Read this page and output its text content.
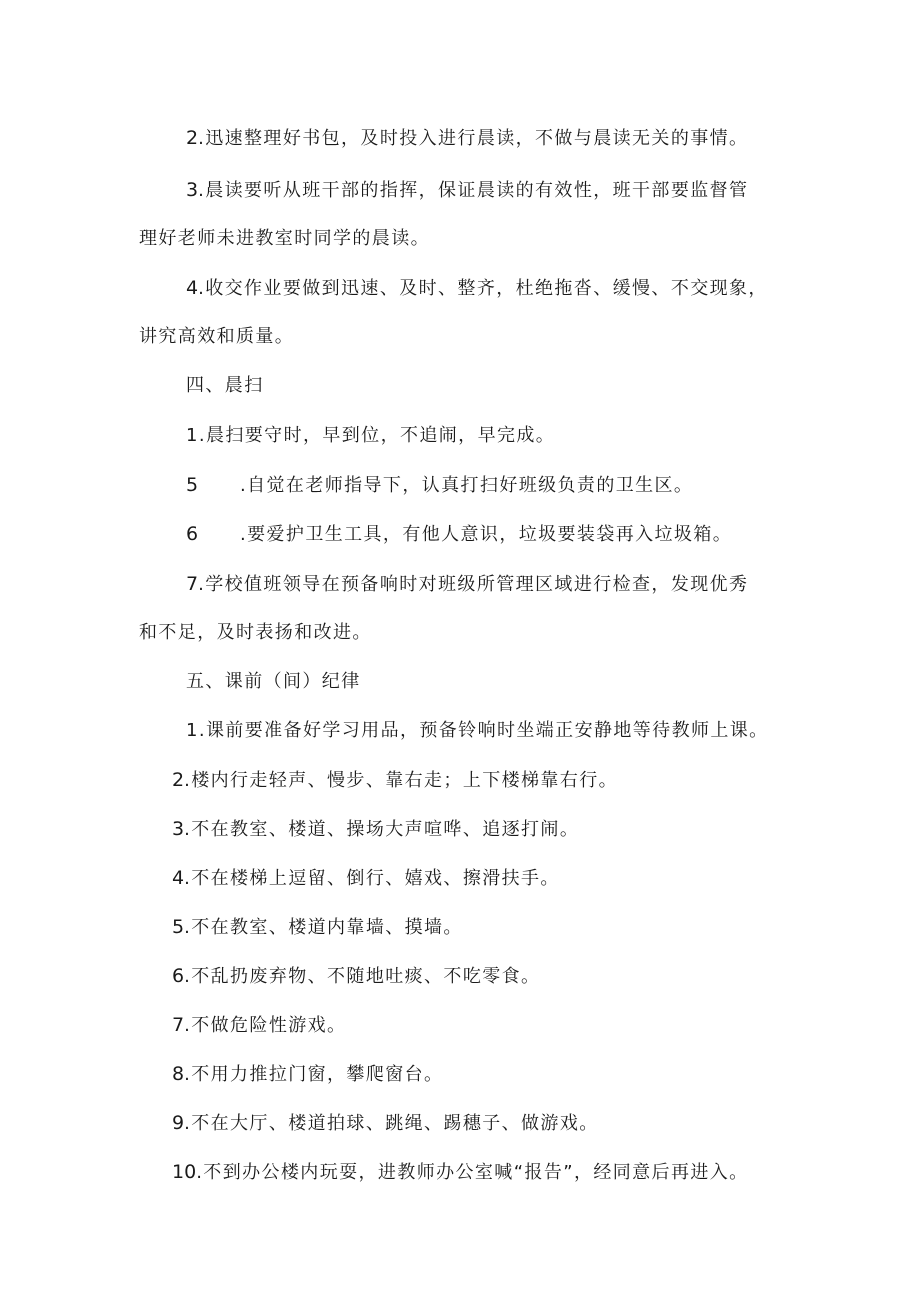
2.迅速整理好书包，及时投入进行晨读，不做与晨读无关的事情。
3.晨读要听从班干部的指挥，保证晨读的有效性，班干部要监督管
理好老师未进教室时同学的晨读。
4.收交作业要做到迅速、及时、整齐，杜绝拖沓、缓慢、不交现象，
讲究高效和质量。
四、晨扫
1.晨扫要守时，早到位，不追闹，早完成。
5 .自觉在老师指导下，认真打扫好班级负责的卫生区。
6 .要爱护卫生工具，有他人意识，垃圾要装袋再入垃圾箱。
7.学校值班领导在预备响时对班级所管理区域进行检查，发现优秀
和不足，及时表扬和改进。
五、课前（间）纪律
1.课前要准备好学习用品，预备铃响时坐端正安静地等待教师上课。
2.楼内行走轻声、慢步、靠右走；上下楼梯靠右行。
3.不在教室、楼道、操场大声喧哗、追逐打闹。
4.不在楼梯上逗留、倒行、嬉戏、擦滑扶手。
5.不在教室、楼道内靠墙、摸墙。
6.不乱扔废弃物、不随地吐痰、不吃零食。
7.不做危险性游戏。
8.不用力推拉门窗，攀爬窗台。
9.不在大厅、楼道拍球、跳绳、踢穗子、做游戏。
10.不到办公楼内玩耍，进教师办公室喊“报告”，经同意后再进入。
